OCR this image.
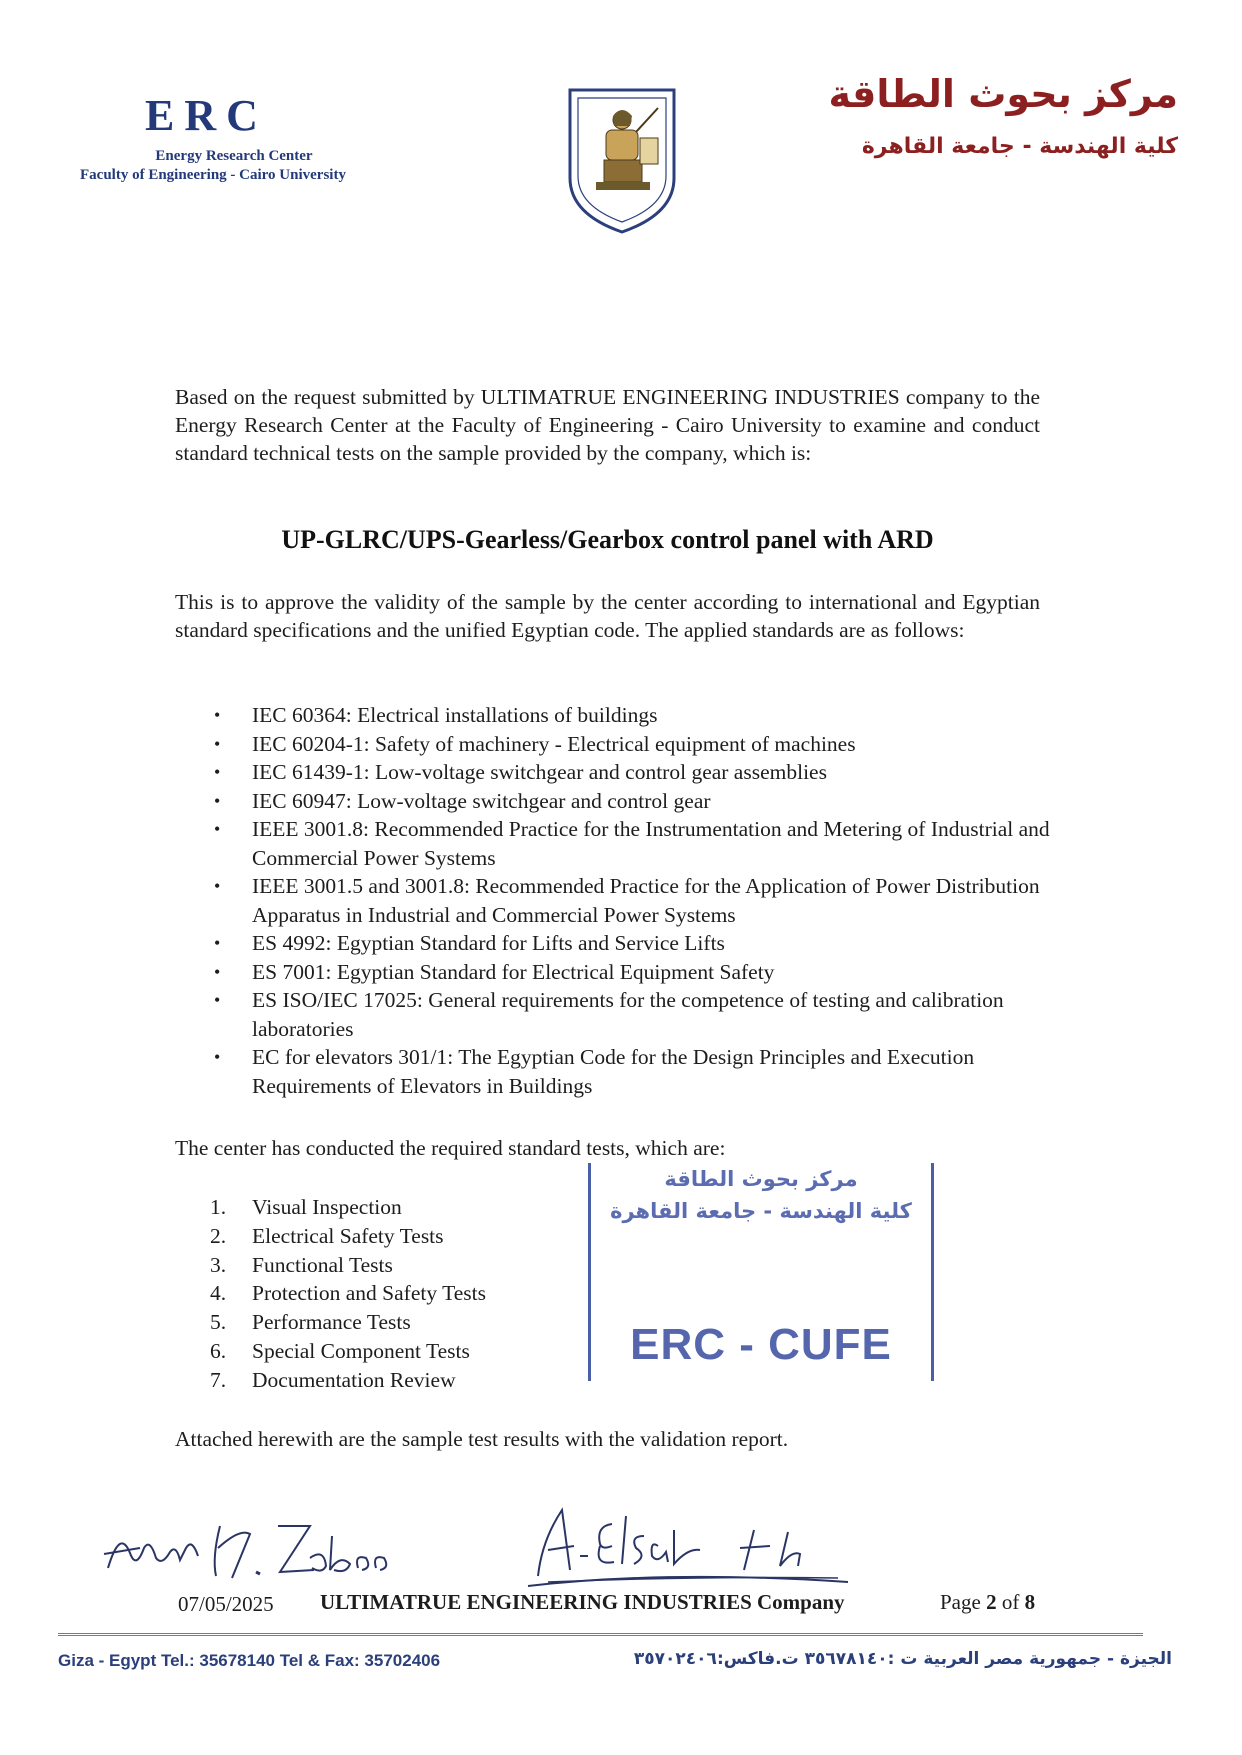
ERC
Energy Research Center
Faculty of Engineering - Cairo University
مركز بحوث الطاقة
كلية الهندسة - جامعة القاهرة
Based on the request submitted by ULTIMATRUE ENGINEERING INDUSTRIES company to the Energy Research Center at the Faculty of Engineering - Cairo University to examine and conduct standard technical tests on the sample provided by the company, which is:
UP-GLRC/UPS-Gearless/Gearbox control panel with ARD
This is to approve the validity of the sample by the center according to international and Egyptian standard specifications and the unified Egyptian code. The applied standards are as follows:
• IEC 60364: Electrical installations of buildings
• IEC 60204-1: Safety of machinery - Electrical equipment of machines
• IEC 61439-1: Low-voltage switchgear and control gear assemblies
• IEC 60947: Low-voltage switchgear and control gear
• IEEE 3001.8: Recommended Practice for the Instrumentation and Metering of Industrial and Commercial Power Systems
• IEEE 3001.5 and 3001.8: Recommended Practice for the Application of Power Distribution Apparatus in Industrial and Commercial Power Systems
• ES 4992: Egyptian Standard for Lifts and Service Lifts
• ES 7001: Egyptian Standard for Electrical Equipment Safety
• ES ISO/IEC 17025: General requirements for the competence of testing and calibration laboratories
• EC for elevators 301/1: The Egyptian Code for the Design Principles and Execution Requirements of Elevators in Buildings
The center has conducted the required standard tests, which are:
1.	Visual Inspection
2.	Electrical Safety Tests
3.	Functional Tests
4.	Protection and Safety Tests
5.	Performance Tests
6.	Special Component Tests
7.	Documentation Review
مركز بحوث الطاقة
كلية الهندسة - جامعة القاهرة
ERC - CUFE
Attached herewith are the sample test results with the validation report.
07/05/2025 ULTIMATRUE ENGINEERING INDUSTRIES Company	Page 2 of 8
Giza - Egypt Tel.: 35678140 Tel & Fax: 35702406	الجيزة - جمهورية مصر العربية ت :٣٥٦٧٨١٤٠ ت.فاكس:٣٥٧٠٢٤٠٦
